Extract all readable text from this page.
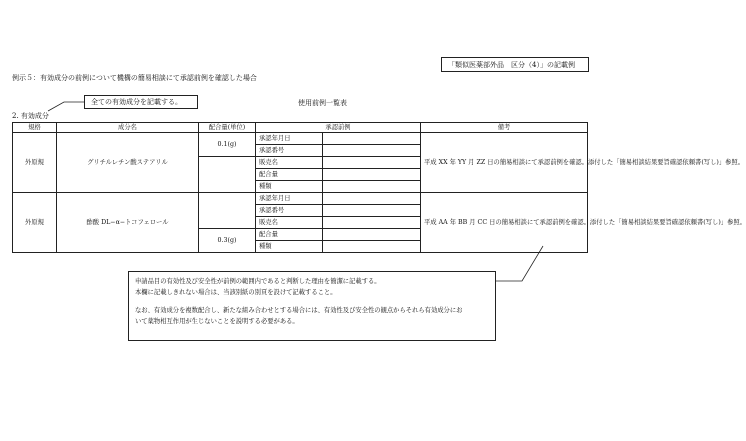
「類似医薬部外品　区分（4）」の記載例
例示５：有効成分の前例について機構の簡易相談にて承認前例を確認した場合
全ての有効成分を記載する。	使用前例一覧表
2. 有効成分
規格	成分名	配合量(単位)	承認前例		備考
外原規	グリチルレチン酸ステアリル	0.1(g)	承認年月日		平成 XX 年 YY 月 ZZ 日の簡易相談にて承認前例を確認。添付した「簡易相談結果要旨確認依頼書(写し)」参照。
			承認番号		
			販売名		
			配合量		
			種類		
外原規	酢酸 DL−α−トコフェロール		承認年月日		平成 AA 年 BB 月 CC 日の簡易相談にて承認前例を確認。添付した「簡易相談結果要旨確認依頼書(写し)」参照。
			承認番号		
			販売名		
		0.3(g)	配合量		
			種類		
申請品目の有効性及び安全性が前例の範囲内であると判断した理由を簡潔に記載する。
本欄に記載しきれない場合は、当該別紙の別頁を設けて記載すること。
なお、有効成分を複数配合し、新たな組み合わせとする場合には、有効性及び安全性の観点からそれら有効成分にお
いて薬物相互作用が生じないことを説明する必要がある。
